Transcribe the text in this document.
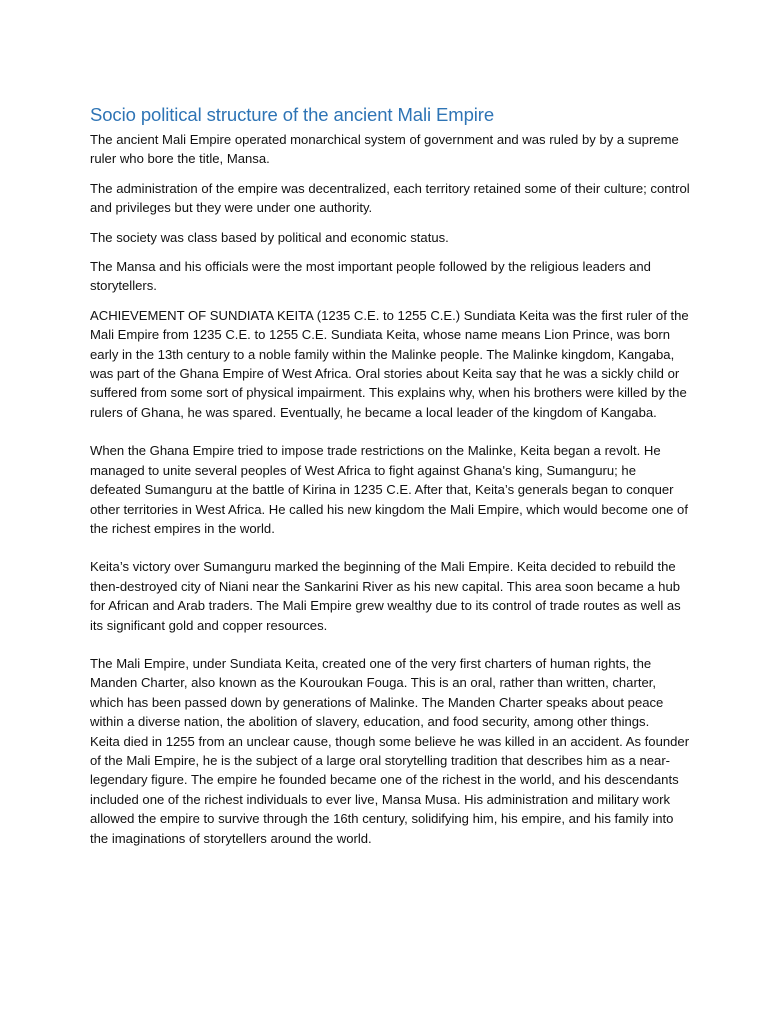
Socio political structure of the ancient Mali Empire

The ancient Mali Empire operated monarchical system of government and was ruled by by a supreme ruler who bore the title, Mansa.

The administration of the empire was decentralized, each territory retained some of their culture; control and privileges but they were under one authority.

The society was class based by political and economic status.

The Mansa and his officials were the most important people followed by the religious leaders and storytellers.

ACHIEVEMENT OF SUNDIATA KEITA (1235 C.E. to 1255 C.E.) Sundiata Keita was the first ruler of the Mali Empire from 1235 C.E. to 1255 C.E. Sundiata Keita, whose name means Lion Prince, was born early in the 13th century to a noble family within the Malinke people. The Malinke kingdom, Kangaba, was part of the Ghana Empire of West Africa. Oral stories about Keita say that he was a sickly child or suffered from some sort of physical impairment. This explains why, when his brothers were killed by the rulers of Ghana, he was spared. Eventually, he became a local leader of the kingdom of Kangaba.

When the Ghana Empire tried to impose trade restrictions on the Malinke, Keita began a revolt. He managed to unite several peoples of West Africa to fight against Ghana's king, Sumanguru; he defeated Sumanguru at the battle of Kirina in 1235 C.E. After that, Keita’s generals began to conquer other territories in West Africa. He called his new kingdom the Mali Empire, which would become one of the richest empires in the world.

Keita’s victory over Sumanguru marked the beginning of the Mali Empire. Keita decided to rebuild the then-destroyed city of Niani near the Sankarini River as his new capital. This area soon became a hub for African and Arab traders. The Mali Empire grew wealthy due to its control of trade routes as well as its significant gold and copper resources.

The Mali Empire, under Sundiata Keita, created one of the very first charters of human rights, the Manden Charter, also known as the Kouroukan Fouga. This is an oral, rather than written, charter, which has been passed down by generations of Malinke. The Manden Charter speaks about peace within a diverse nation, the abolition of slavery, education, and food security, among other things.

Keita died in 1255 from an unclear cause, though some believe he was killed in an accident. As founder of the Mali Empire, he is the subject of a large oral storytelling tradition that describes him as a near-legendary figure. The empire he founded became one of the richest in the world, and his descendants included one of the richest individuals to ever live, Mansa Musa. His administration and military work allowed the empire to survive through the 16th century, solidifying him, his empire, and his family into the imaginations of storytellers around the world.
